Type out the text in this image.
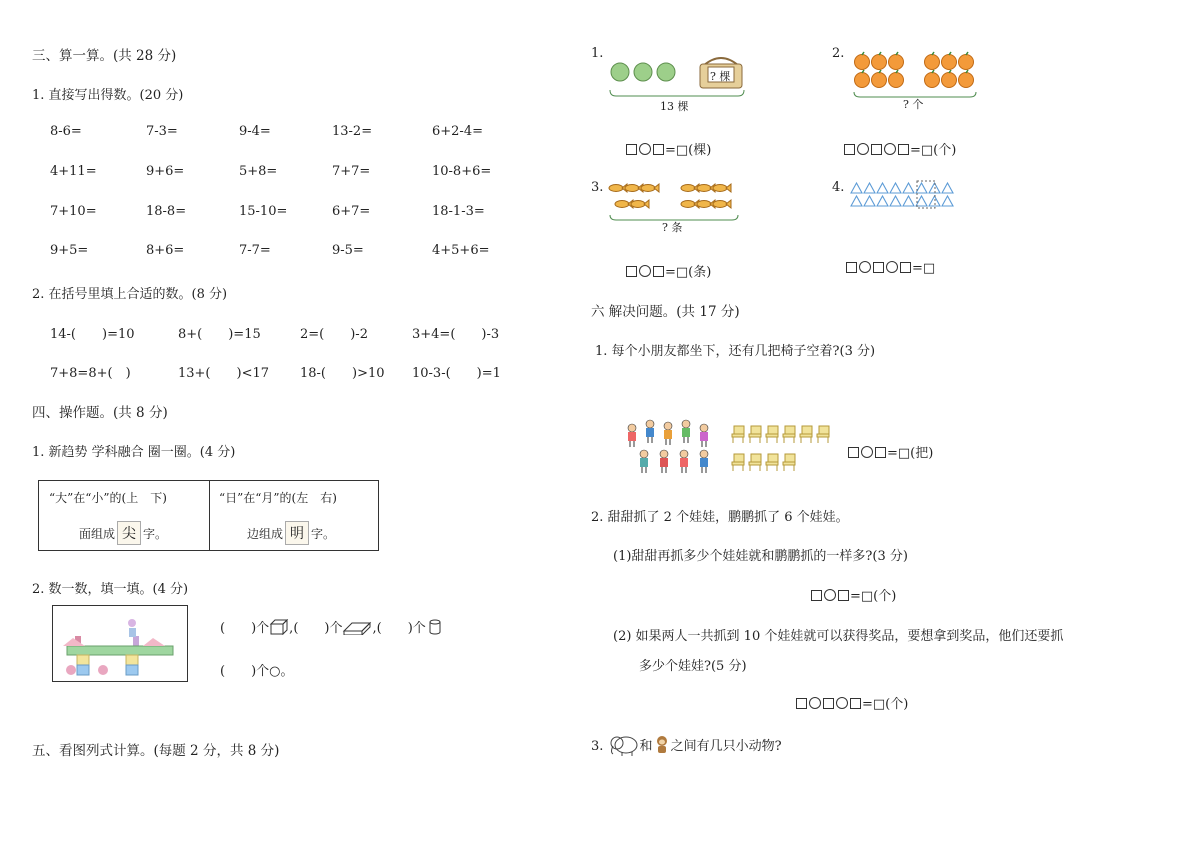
三、算一算。(共 28 分)
1. 直接写出得数。(20 分)
8-6=	7-3=	9-4=	13-2=	6+2-4=
4+11=	9+6=	5+8=	7+7=	10-8+6=
7+10=	18-8=	15-10=	6+7=	18-1-3=
9+5=	8+6=	7-7=	9-5=	4+5+6=
2. 在括号里填上合适的数。(8 分)
14-(　　)=10	8+(　　)=15	2=(　　)-2	3+4=(　　)-3
7+8=8+(　)	13+(　　)<17 18-(　　)>10 10-3-(　　)=1
四、操作题。(共 8 分)
1. 新趋势 学科融合 圈一圈。(4 分)
“大”在“小”的(上　下)
面组成 尖 字。
“日”在“月”的(左　右)
边组成 明 字。
2. 数一数，填一填。(4 分)
(　　)个 ,(　　)个 ,(　　)个
(　　)个○。
五、看图列式计算。(每题 2 分，共 8 分)
1.
? 棵
13 棵
=□(棵)
2.
? 个
=□(个)
3.
? 条
=□(条)
4.
=□
六 解决问题。(共 17 分)
1. 每个小朋友都坐下，还有几把椅子空着?(3 分)
=□(把)
2. 甜甜抓了 2 个娃娃，鹏鹏抓了 6 个娃娃。
(1)甜甜再抓多少个娃娃就和鹏鹏抓的一样多?(3 分)
=□(个)
(2) 如果两人一共抓到 10 个娃娃就可以获得奖品，要想拿到奖品，他们还要抓
多少个娃娃?(5 分)
=□(个)
3.	和 之间有几只小动物?
